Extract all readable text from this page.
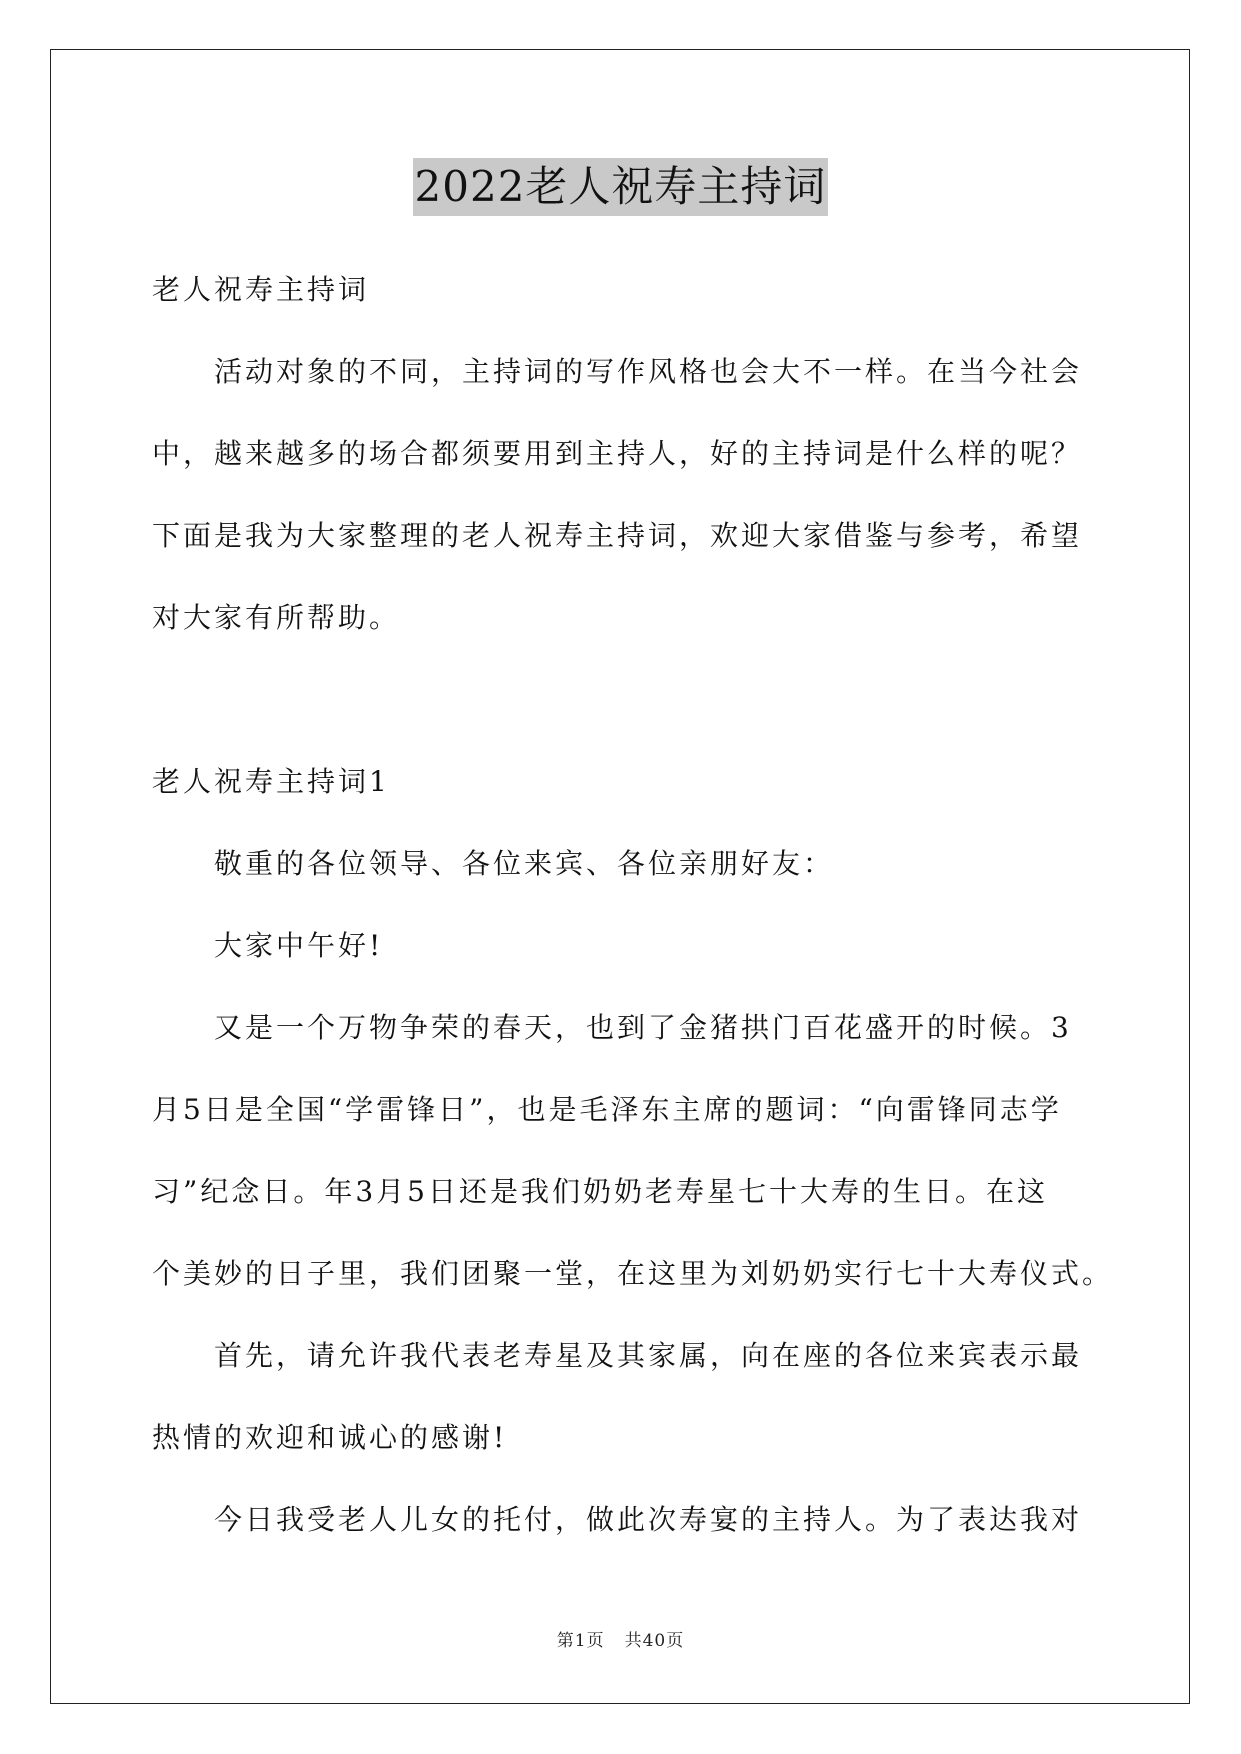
2022老人祝寿主持词
老人祝寿主持词
活动对象的不同，主持词的写作风格也会大不一样。在当今社会
中，越来越多的场合都须要用到主持人，好的主持词是什么样的呢？
下面是我为大家整理的老人祝寿主持词，欢迎大家借鉴与参考，希望
对大家有所帮助。
老人祝寿主持词1
敬重的各位领导、各位来宾、各位亲朋好友：
大家中午好!
又是一个万物争荣的春天，也到了金猪拱门百花盛开的时候。3
月5日是全国“学雷锋日”，也是毛泽东主席的题词：“向雷锋同志学
习”纪念日。年3月5日还是我们奶奶老寿星七十大寿的生日。在这
个美妙的日子里，我们团聚一堂，在这里为刘奶奶实行七十大寿仪式。
首先，请允许我代表老寿星及其家属，向在座的各位来宾表示最
热情的欢迎和诚心的感谢!
今日我受老人儿女的托付，做此次寿宴的主持人。为了表达我对
第1页 共40页
